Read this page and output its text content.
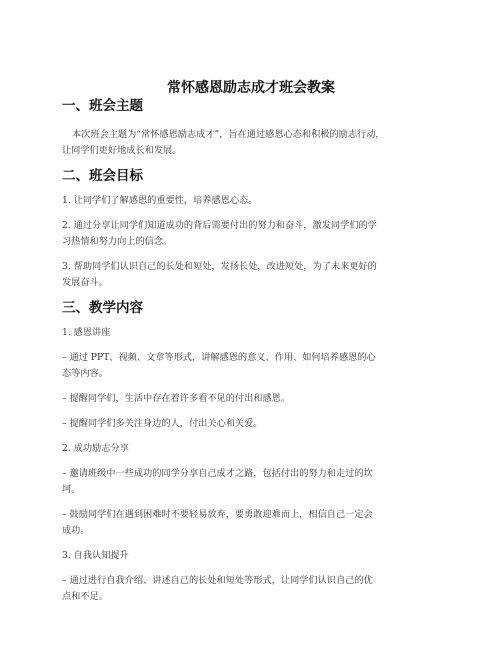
常怀感恩励志成才班会教案
一、班会主题
本次班会主题为“常怀感恩励志成才”，旨在通过感恩心态和积极的励志行动，
让同学们更好地成长和发展。
二、班会目标
1. 让同学们了解感恩的重要性，培养感恩心态。
2. 通过分享让同学们知道成功的背后需要付出的努力和奋斗，激发同学们的学
习热情和努力向上的信念。
3. 帮助同学们认识自己的长处和短处，发扬长处，改进短处，为了未来更好的
发展奋斗。
三、教学内容
1. 感恩讲座
– 通过 PPT、视频、文章等形式，讲解感恩的意义、作用、如何培养感恩的心
态等内容。
– 提醒同学们，生活中存在着许多看不见的付出和感恩。
– 提醒同学们多关注身边的人，付出关心和关爱。
2. 成功励志分享
– 邀请班级中一些成功的同学分享自己成才之路，包括付出的努力和走过的坎
坷。
– 鼓励同学们在遇到困难时不要轻易放弃，要勇敢迎难而上，相信自己一定会
成功。
3. 自我认知提升
– 通过进行自我介绍、讲述自己的长处和短处等形式，让同学们认识自己的优
点和不足。
